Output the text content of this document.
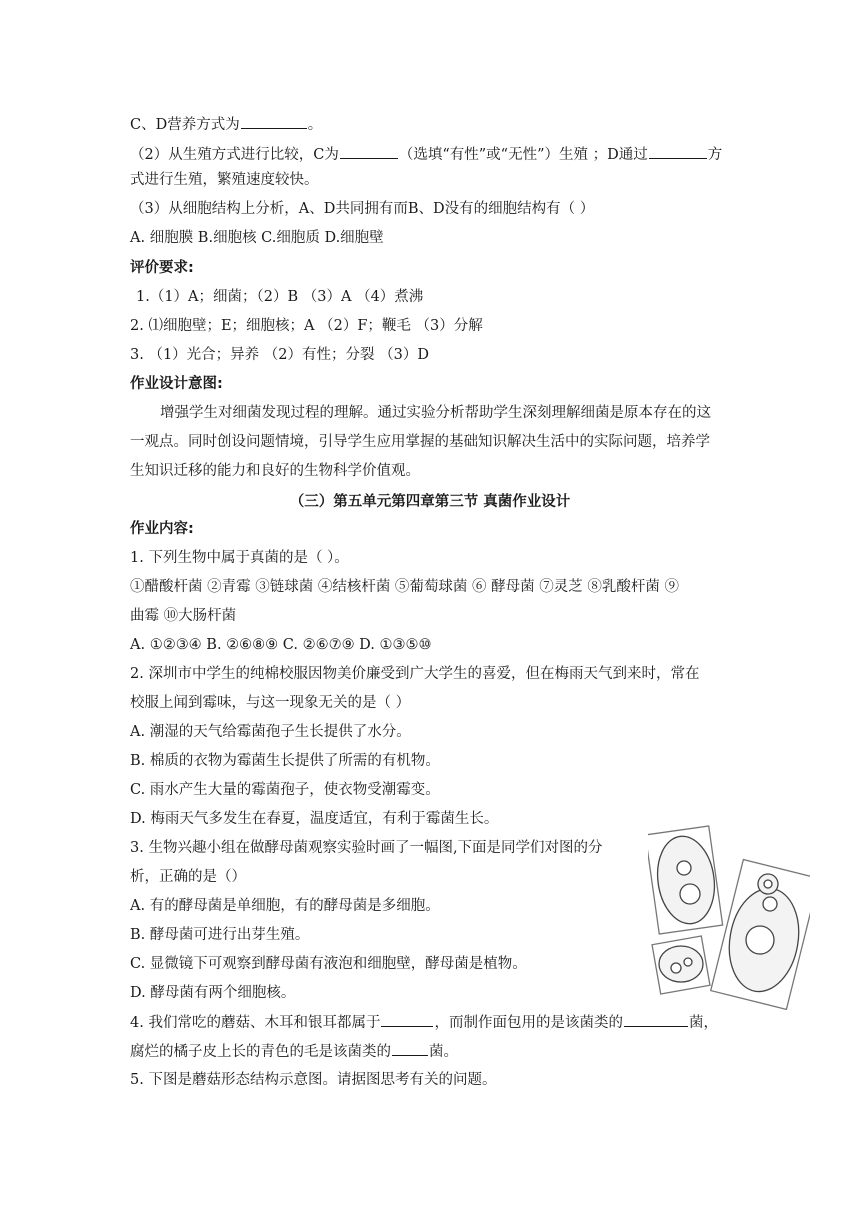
C、D营养方式为	。
（2）从生殖方式进行比较，C为	（选填“有性”或“无性”）生殖 ；D通过	方
式进行生殖，繁殖速度较快。
（3）从细胞结构上分析，A、D共同拥有而B、D没有的细胞结构有（ ）
A. 细胞膜 B.细胞核 C.细胞质 D.细胞壁
评价要求:
1.（1）A；细菌；（2）B （3）A （4）煮沸
2. ⑴细胞壁；E；细胞核；A （2）F；鞭毛 （3）分解
3. （1）光合；异养 （2）有性；分裂 （3）D
作业设计意图:
增强学生对细菌发现过程的理解。通过实验分析帮助学生深刻理解细菌是原本存在的这
一观点。同时创设问题情境，引导学生应用掌握的基础知识解决生活中的实际问题，培养学
生知识迁移的能力和良好的生物科学价值观。
（三）第五单元第四章第三节 真菌作业设计
作业内容:
1. 下列生物中属于真菌的是（ ）。
①醋酸杆菌 ②青霉 ③链球菌 ④结核杆菌 ⑤葡萄球菌 ⑥ 酵母菌 ⑦灵芝 ⑧乳酸杆菌 ⑨
曲霉 ⑩大肠杆菌
A. ①②③④ B. ②⑥⑧⑨ C. ②⑥⑦⑨ D. ①③⑤⑩
2. 深圳市中学生的纯棉校服因物美价廉受到广大学生的喜爱，但在梅雨天气到来时，常在
校服上闻到霉味，与这一现象无关的是（ ）
A. 潮湿的天气给霉菌孢子生长提供了水分。
B. 棉质的衣物为霉菌生长提供了所需的有机物。
C. 雨水产生大量的霉菌孢子，使衣物受潮霉变。
D. 梅雨天气多发生在春夏，温度适宜，有利于霉菌生长。
3. 生物兴趣小组在做酵母菌观察实验时画了一幅图,下面是同学们对图的分
析，正确的是（）
A. 有的酵母菌是单细胞，有的酵母菌是多细胞。
B. 酵母菌可进行出芽生殖。
C. 显微镜下可观察到酵母菌有液泡和细胞壁，酵母菌是植物。
D. 酵母菌有两个细胞核。
4. 我们常吃的蘑菇、木耳和银耳都属于	，而制作面包用的是该菌类的	菌，
腐烂的橘子皮上长的青色的毛是该菌类的	菌。
5. 下图是蘑菇形态结构示意图。请据图思考有关的问题。
